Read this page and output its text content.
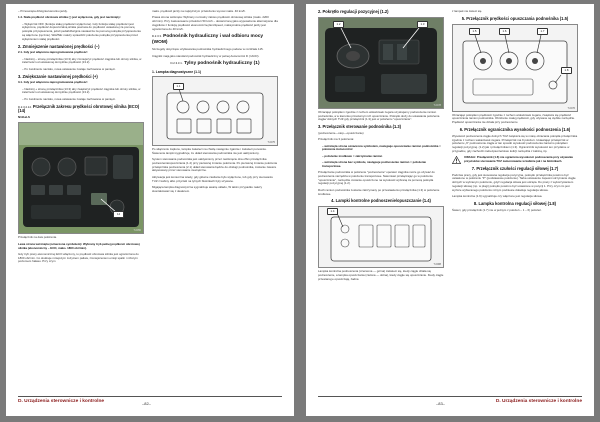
– Przesunięta dźwignia kierunku jazdy.

1.4. Stała prędkość obrotowa silnika ( ) jest wyłączona, gdy jest naciśnięty:

– Wyłącznik OFF (funkcja stałej prędkości wyłączona). Gdy funkcja stałej prędkości jest wyłączona, prędkość dopuszczalną silnika powraca do prędkości ustawionej za pomocą pokrętła przyspieszenia, jeżeli pedał/dźwignia nastawcza za pomocą pokrętła przyspieszenia są włączone (ręcznie). WAŻNE: należy sprawdzić położenie pokrętła przyspieszenia przed wyłączeniem stałej prędkości.

2. Zmniejszenie nastawionej prędkości (–)

2.1. Gdy jest włączona zaprogramowana prędkość:

– Naciśnij – stronę przełącznika (13.3) aby zmniejszyć prędkość ciągnika lub obroty silnika, w zależności od ustawionej domyślnie prędkości (13.2).

– Po zwolnieniu nacisku, nowa ustawienie zostaje zachowane w pamięci.

3. Zwiększanie nastawionej prędkości (+)

3.1. Gdy jest włączona zaprogramowana prędkość:

– Naciśnij + stronę przełącznika (13.3) aby zwiększyć prędkość ciągnika lub obroty silnika, w zależności od ustawionej domyślnie prędkości (13.2).

– Po zwolnieniu nacisku, nowa ustawienie zostaje zachowane w pamięci.

D.2.3.2.14. Przełącznik zakresu prędkości obrotowej silnika (ECO) (14)

N111eLS

14
T-0050

Przełącznik na dwa położenia.

Lewa strona wciśnięta (oznaczona symbolem): Wybrany tryb pełnej prędkości obrotowej silnika (ekonomiczny – ECO, maks. 1800 obr/min).

Gdy tryb pracy ekonomicznej ECO włączony, to prędkość obrotowa silnika jest ograniczona do 1800 obr/min. Co skutkuje mniejszym zużyciem paliwa, zmniejszeniem emisji spalin i niższym poziomem hałasu. Przy czym

maks. prędkość jazdy na najwyższym przełożeniu wynosi maks. 40 km/h.

Prawa strona wciśnięta: Wybrany normalny zakres prędkości obrotowej silnika (maks. 2200 obr/min). Przy zastosowaniu przełożeń 50 km/h – dostarczonej jako wyposażenie alternatywne dla ciągników z funkcją prędkości ekonomicznej EcoSpeed, maksymalna prędkość jazdy jest ograniczona do 40 km/h.

D.2.3.3. Podnośnik hydrauliczny i wał odbioru mocy (WOM)

Szczegóły dotyczące użytkowania podnośnika hydraulicznego podane w rozdziale 115.

Ciągniki mają jako standard podnośnik hydrauliczny w pełnej Autocontrol D (=ACD).

D.2.3.3.1. Tylny podnośnik hydrauliczny (1)

1. Lampka diagnostyczne (1.1)

1.1
T-0075

Po włączeniu zapłonu, lampka zaświeci na chwilę następnie zgaśnie i zaświeci ponownie. Świecenie lampki sygnalizuje, że układ sterowania podnośnika nie jest uaktywniony.

System sterowania podnośnika jest uaktywniony przez naciśnięcie dna offsn przełącznika podnoszenia/opuszczania (1.2) przy pierwszej zmianie położenia. Po pierwszej zmianie położenia przełącznika podnoszenia (2.1) układ sterowania będzie do obsługi podnośnika, zostanie zawsze aktywowany przez sterowanie zewnętrzne.

Aktywacja jest konieczna wtedy, gdy główne zasilanie było wyłączone, lub gdy przy sterowaniu TUZ z kabiny albo przyciski na tylnych błotnikach były używane.

Migająca lampka diagnostyczna sygnalizuje awarię układu, W takim przypadku należy skontaktować się z dealerem.

D. Urządzenia sterownicze i kontrolne	–82–

2. Pokrętło regulacji pozycyjnej (1.2)

1.2	1.3
T-0078

Obracając pokrętłem zgodnie z ruchem wskazówek zegara uzyskujemy podnoszenie ramion podnośnika, a w kierunku przeciwnym ich opuszczanie. Pokrętło służy do ustawiania położenia ciągłe/ dolnych TUZ gdy przełącznik (1.3) jest w położeniu "opuszczanie".

3. Przełącznik sterowanie podnośnika (1.3)

(podnoszenie—stop—opuszczanie)

Przełącznik ma 3 położenia:

– wciśnięta strona oznaczona symbolem, następuje opuszczanie ramion podnośnika = położenie Autocontrol

– położenie środkowe = zatrzymanie ramion

– wciśnięta strona bez symbolu, następuje podnoszenie ramion = położenie transportowe.

Przełączanie podnośnika w położenie "podnoszenie" operator ciągnika może go używać do podnoszenia narzędzia w położenie transportowe. Natomiast przełączając go w położenie "opuszczanie", narzędzie zostanie opuszczone na wysokość wybraną za pomocą pokrętła regulacji pozycyjnej (1.2).

Ruch ramion podnośnika zostanie zatrzymany po przestawieniu przełącznika (1.3) w położenie środkowe.

4. Lampki kontrolne podnoszenie/opuszczanie (1.4)

1.4
T-0088

Lampka kontrolna podnoszenia (czerwona — górna) zaświeci się, kiedy ciągle działa się podnoszenie, a lampka opuszczania (zielona — dolna), kiedy ciągle się opuszczanie. Kiedy ciągle przestaną je opuszczają, żadna

z lampek nie świeci się.

5. Przełącznik prędkości opuszczania podnośnika (1.5)

1.5	1.6	1.7
1.8
T-0076

Obracając pokrętłem prędkości zgodnie z ruchem wskazówek zegara, zwiększa się prędkość opuszczania ramion podnośnika. Obniżenie małej prędkości, gdy używane są ciężkie narzędzie. Prędkość opuszczania nie działa przy podnoszeniu.

6. Przełącznik ogranicznika wysokości podnoszenia (1.6)

Wysokość podnoszenia ciągłe dolnych TUZ zwiększa się w miarę obracania pokrętła przełącznika zgodnie z ruchem wskazówek zegara. Przełącznik ma 9 położeń. Ustawiając przełącznik w położeniu „9" podnoszenie ciągłe w tan sposób wysokość podnoszenia zarówno pokrętłem regulacji pozycyjnej. (1.2) jak i przełącznikiem (1.3). Ogranicznik wysokości ten przydatne w przypadku, gdy zachodzi niebezpieczeństwo kolizji narzędzia z kabiną, itp.

UWAGA: Przełącznik (1.6) nie ogranicza wysokości podnoszenia przy używaniu przycisków sterowania TUZ zamonowanie w kabinie jak i na błotnikach.

7. Przełącznik czułości regulacji siłowej (1.7)

Podczas pracy, gdy jest stosowana regulacja pozycyjna, pokrętło przełącznika powinno być ustawione w położeniu "P" (podstawowe położenie). Tarka ustawienie zapewni utrzymanie ciągłe dolnych w wybranym położeniu, gdyż regulacja siłowa jest odcięta. Do pracy z wykorzystaniem regulacji siłowej (np. w pługi) pokrętło powinno być ustawione w pozycji 1. Przy czym im jest wyższe wybieranego położeniu rolnym podniesie doładuje regulacja siłowa.

Lampka kontrolna (1.9) sygnalizuje czy włączone jest regulacja siłowa.

8. Lampka kontrolna regulacji siłowej (1.8)

Świeci, gdy przełącznik (1.7) nie w jednym z położeń – 1 – 6) położeń.

–83–	D. Urządzenia sterownicze i kontrolne
